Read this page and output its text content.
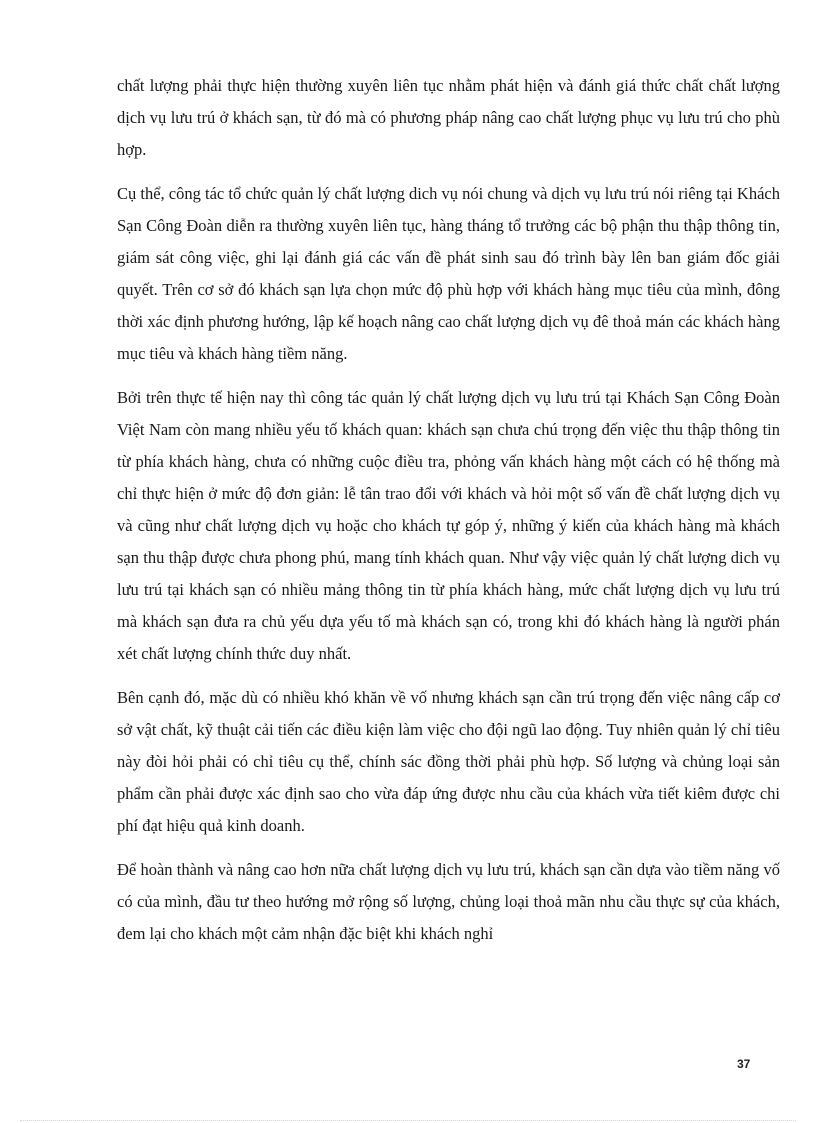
chất lượng phải thực hiện thường xuyên liên tục nhằm phát hiện và đánh giá thức chất chất lượng dịch vụ lưu trú ở khách sạn, từ đó mà có phương pháp nâng cao chất lượng phục vụ lưu trú cho phù hợp.

Cụ thể, công tác tổ chức quản lý chất lượng dich vụ nói chung và dịch vụ lưu trú nói riêng tại Khách Sạn Công Đoàn diễn ra thường xuyên liên tục, hàng tháng tổ trưởng các bộ phận thu thập thông tin, giám sát công việc, ghi lại đánh giá các vấn đề phát sinh sau đó trình bày lên ban giám đốc giải quyết. Trên cơ sở đó khách sạn lựa chọn mức độ phù hợp với khách hàng mục tiêu của mình, đông thời xác định phương hướng, lập kế hoạch nâng cao chất lượng dịch vụ đê thoả mán các khách hàng mục tiêu và khách hàng tiềm năng.

Bởi trên thực tế hiện nay thì công tác quản lý chất lượng dịch vụ lưu trú tại Khách Sạn Công Đoàn Việt Nam còn mang nhiều yếu tố khách quan: khách sạn chưa chú trọng đến việc thu thập thông tin từ phía khách hàng, chưa có những cuộc điều tra, phỏng vấn khách hàng một cách có hệ thống mà chỉ thực hiện ở mức độ đơn giản: lễ tân trao đổi với khách và hỏi một số vấn đề chất lượng dịch vụ và cũng như chất lượng dịch vụ hoặc cho khách tự góp ý, những ý kiến của khách hàng mà khách sạn thu thập được chưa phong phú, mang tính khách quan. Như vậy việc quản lý chất lượng dich vụ lưu trú tại khách sạn có nhiều mảng thông tin từ phía khách hàng, mức chất lượng dịch vụ lưu trú mà khách sạn đưa ra chủ yếu dựa yếu tố mà khách sạn có, trong khi đó khách hàng là người phán xét chất lượng chính thức duy nhất.

Bên cạnh đó, mặc dù có nhiều khó khăn về vố nhưng khách sạn cần trú trọng đến việc nâng cấp cơ sở vật chất, kỹ thuật cải tiến các điều kiện làm việc cho đội ngũ lao động. Tuy nhiên quản lý chỉ tiêu này đòi hỏi phải có chỉ tiêu cụ thể, chính sác đồng thời phải phù hợp. Số lượng và chủng loại sản phẩm cần phải được xác định sao cho vừa đáp ứng được nhu cầu của khách vừa tiết kiêm được chi phí đạt hiệu quả kinh doanh.

Để hoàn thành và nâng cao hơn nữa chất lượng dịch vụ lưu trú, khách sạn cần dựa vào tiềm năng vố có của mình, đầu tư theo hướng mở rộng số lượng, chủng loại thoả mãn nhu cầu thực sự của khách, đem lại cho khách một cảm nhận đặc biệt khi khách nghỉ

37
